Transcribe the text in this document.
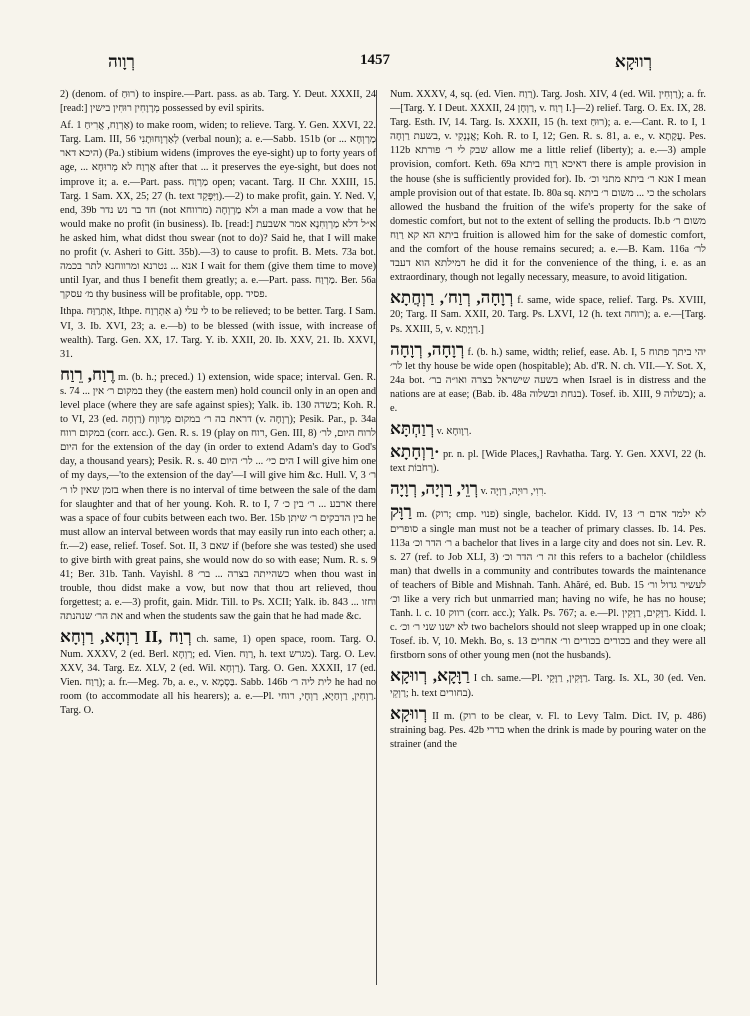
רְוָוה	1457	רְווּקָא

2) (denom. of רוּחַ) to inspire.—Part. pass. as ab. Targ. Y. Deut. XXXII, 24 [read:] מְרָוָחִין רוּחִין בישין possessed by evil spirits.

Af. אַרְוַח, אֲרִיחַ 1) to make room, widen; to relieve. Targ. Y. Gen. XXVI, 22. Targ. Lam. III, 56 לְאַרְוָחוּתָנִי (verbal noun); a. e.—Sabb. 151b (or מַרְוְחָא ... היכא דאר) (Pa.) stibium widens (improves the eye-sight) up to forty years of age, ... אַרְוַח לא מְרוּחָא after that ... it preserves the eye-sight, but does not improve it; a. e.—Part. pass. מַרְוַח open; vacant. Targ. II Chr. XXIII, 15. Targ. 1 Sam. XX, 25; 27 (h. text וַיִּפָּקֵד).—2) to make profit, gain. Y. Ned. V, end, 39b חד בר נש נדר (not מרווחא) ולא מַרְוְחָה a man made a vow that he would make no profit (in business). Ib. [read:] א״ל דלא מַרְוְחִנָא אמר אשבעת he asked him, what didst thou swear (not to do)? Said he, that I will make no profit (v. Asheri to Gitt. 35b).—3) to cause to profit. B. Mets. 73a bot. אנא ... נטרנא ומרווחנא לתר בכמה I wait for them (give them time to move) until Iyar, and thus I benefit them greatly; a. e.—Part. pass. מַרְוַח. Ber. 56a מ׳ עסקך thy business will be profitable, opp. פסיד.

Ithpa. אִתְרַוַּח, Ithpe. אִתְרְוַח a) לי עלי to be relieved; to be better. Targ. I Sam. VI, 3. Ib. XVI, 23; a. e.—b) to be blessed (with issue, with increase of wealth). Targ. Gen. XX, 17. Targ. Y. ib. XXII, 20. Ib. XXV, 21. Ib. XXVI, 31.

רֶוַח, רֵוַח m. (b. h.; preced.) 1) extension, wide space; interval. Gen. R. s. 74 ... במקום ר׳ אין they (the eastern men) hold council only in an open and level place (where they are safe against spies); Yalk. ib. 130 בשדה; Koh. R. to VI, 23 (ed. רַוְחָה) דראת בה ר׳ במקום מְרַווְח (v. רְוָחָה); Pesik. Par., p. 34a במקום רווח (corr. acc.). Gen. R. s. 19 (play on רוח, Gen. III, 8) לרוח היום, לר׳ היום for the extension of the day (in order to extend Adam's day to God's day, a thousand years); Pesik. R. s. 40 הים כי׳ ... לר׳ היום I will give him one of my days,—'to the extension of the day'—I will give him &c. Hull. V, 3 ר׳ בזמן שאין לו ר׳ when there is no interval of time between the sale of the dam for slaughter and that of her young. Koh. R. to I, 7 ארבע ... ר׳ בין כ׳ there was a space of four cubits between each two. Ber. 15b בין הדבקים ר׳ שיתן he must allow an interval between words that may easily run into each other; a. fr.—2) ease, relief. Tosef. Sot. II, 3 שאם if (before she was tested) she used to give birth with great pains, she would now do so with ease; Num. R. s. 9 41; Ber. 31b. Tanh. Vayishl. 8 כשהייתה בצרה ... בר׳ when thou wast in trouble, thou didst make a vow, but now that thou art relieved, thou forgettest; a. e.—3) profit, gain. Midr. Till. to Ps. XCII; Yalk. ib. 843 וחזו ... את הר׳ שנהנתה and when the students saw the gain that he had made &c.

רַוְחָא, רַוְחָא II, רְוַח ch. same, 1) open space, room. Targ. O. Num. XXXV, 2 (ed. Berl. רַוְחָא; ed. Vien. רַוַח, h. text מגרש). Targ. O. Lev. XXV, 34. Targ. Ez. XLV, 2 (ed. Wil. רַוְחָא). Targ. O. Gen. XXXII, 17 (ed. Vien. רַוַח); a. fr.—Meg. 7b, a. e., v. בַּסְמָא. Sabb. 146b לית ליה ר׳ he had no room (to accommodate all his hearers); a. e.—Pl. רַוְחִין, רַוְחַיָא, רַוְחָי, רוחי. Targ. O.

Num. XXXV, 4, sq. (ed. Vien. רַוַח). Targ. Josh. XIV, 4 (ed. Wil. רַוְחִין); a. fr.—[Targ. Y. I Deut. XXXII, 24 רַוְחָן, v. רְוַח I.]—2) relief. Targ. O. Ex. IX, 28. Targ. Esth. IV, 14. Targ. Is. XXXII, 15 (h. text רוּחַ); a. e.—Cant. R. to I, 1 בשעת רַוְחָה, v. אֲנָנְקִי; Koh. R. to I, 12; Gen. R. s. 81, a. e., v. עֲקָתָא. Pes. 112b שבק לי ר׳ פורתא allow me a little relief (liberty); a. e.—3) ample provision, comfort. Keth. 69a דאיכא רַוַח ביתא there is ample provision in the house (she is sufficiently provided for). Ib. אנא ר׳ ביתא מתני וכ׳ I mean ample provision out of that estate. Ib. 80a sq. כי ... משום ר׳ ביתא the scholars allowed the husband the fruition of the wife's property for the sake of domestic comfort, but not to the extent of selling the products. Ib.b משום ר׳ ביתא הא קא רַוַח fruition is allowed him for the sake of domestic comfort, and the comfort of the house remains secured; a. e.—B. Kam. 116a לר׳ דמילתא הוא דעבד he did it for the convenience of the thing, i. e. as an extraordinary, though not legally necessary, measure, to avoid litigation.

רְוָחָה, רְוַח׳, רַוְחֲתָא f. same, wide space, relief. Targ. Ps. XVIII, 20; Targ. II Sam. XXII, 20. Targ. Ps. LXVI, 12 (h. text רוחה); a. e.—[Targ. Ps. XXIII, 5, v. רְוָיָתָא.]

רְוָחָה, רְוָחָה f. (b. h.) same, width; relief, ease. Ab. I, 5 יהי ביתך פתוח לר׳ let thy house be wide open (hospitable); Ab. d'R. N. ch. VII.—Y. Sot. X, 24a bot. בשעה שישראל בצרה ואו״ה בר׳ when Israel is in distress and the nations are at ease; (Bab. ib. 48a בנחת ובשלוה). Tosef. ib. XIII, 9 בשלוה); a. e.

רְוַחְתָּא v. רְוָוחָא.

רַוְחָתָא· pr. n. pl. [Wide Places,] Ravhatha. Targ. Y. Gen. XXVI, 22 (h. text רְחֹבוֹת).

רְוֵי, רַוְיָה, רְוָיָה v. רִוִי, רוּיָה, רַוְיָה.

רַוָּק m. (רוק; cmp. פנוי) single, bachelor. Kidd. IV, 13 לא ילמד אדם ר׳ סופרים a single man must not be a teacher of primary classes. Ib. 14. Pes. 113a ר׳ הדר וכ׳ a bachelor that lives in a large city and does not sin. Lev. R. s. 27 (ref. to Job XLI, 3) זה ר׳ הדר וכ׳ this refers to a bachelor (childless man) that dwells in a community and contributes towards the maintenance of teachers of Bible and Mishnah. Tanh. Ahăré, ed. Bub. 15 לעשיר גדול ור׳ וכ׳ like a very rich but unmarried man; having no wife, he has no house; Tanh. l. c. 10 רווק (corr. acc.); Yalk. Ps. 767; a. e.—Pl. רַוָּקִים, רַוָּקִין. Kidd. l. c. לא ישנו שני ר׳ וכ׳ two bachelors should not sleep wrapped up in one cloak; Tosef. ib. V, 10. Mekh. Bo, s. 13 בכורים בכורים ור׳ אחרים and they were all firstborn sons of other young men (not the husbands).

רַוָּקָא, רְווּקָא I ch. same.—Pl. רַוָּקִין, רַוָּקֵי. Targ. Is. XL, 30 (ed. Ven. רַוְקֵי; h. text בחורים).

רְווּקָא II m. (רוק to be clear, v. Fl. to Levy Talm. Dict. IV, p. 486) straining bag. Pes. 42b בדרי when the drink is made by pouring water on the strainer (and the
